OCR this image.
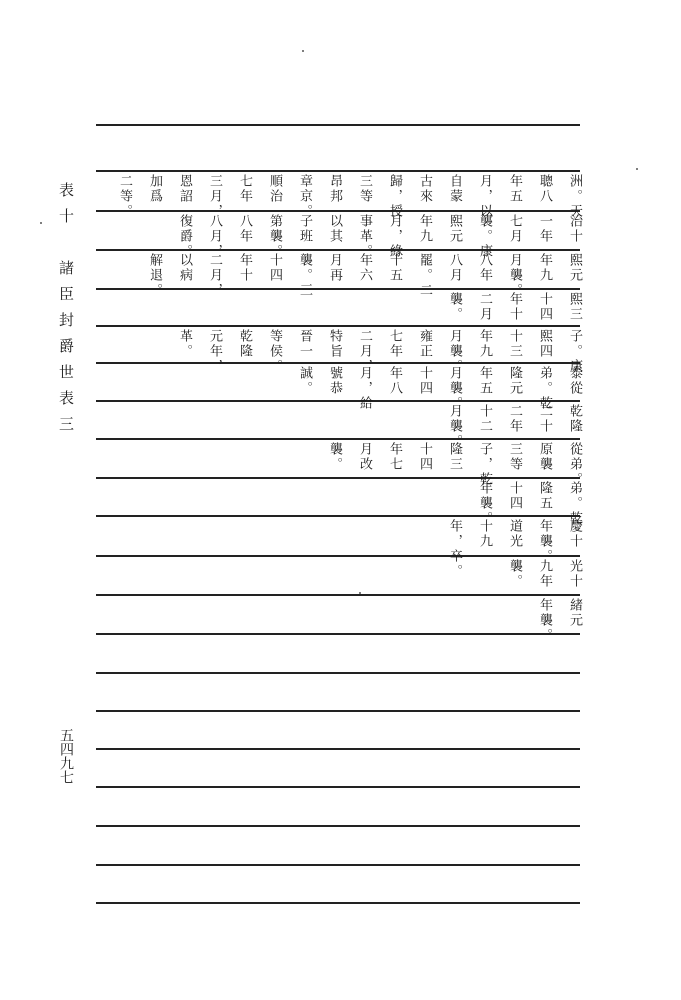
表十　諸臣封爵世表三
五四九七
洲。天
聰八
年五
月，以
自蒙
古來
歸，授
三等
昂邦
章京。
順治
七年
三月，
恩詔
加爲
二等。
治十
一年
七月
襲。康
熙元
年九
月，緣
事革。
以其
子班
第襲。
八年
八月，
復爵。
熙元
年九
月襲。
八年
八月
罷。二
十五
年六
月再
襲。三
十四
年十
二月，
以病
解退。
熙三
十四
年十
二月
襲。
子。康
熙四
十三
年九
月襲。
雍正
七年
二月，
特旨
晉一
等侯。
乾隆
元年，
革。
泰從
弟。乾
隆元
年五
月襲。
十四
年八
月，給
號恭
誠。
乾隆
二十
二年
十二
月襲。
從弟。
原襲
三等
子，乾
隆三
十四
年七
月改
襲。
弟。乾
隆五
十四
年襲。
慶十
年襲。
道光
十九
年，卒。	光十
九年
襲。
緒元
年襲。
